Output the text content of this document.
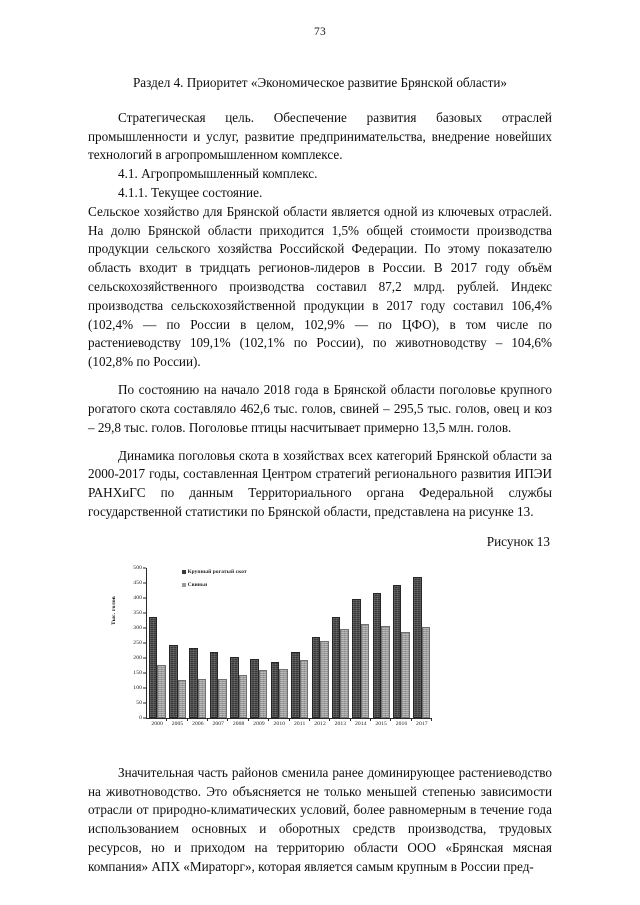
73
Раздел 4. Приоритет «Экономическое развитие Брянской области»

Стратегическая цель. Обеспечение развития базовых отраслей промышленности и услуг, развитие предпринимательства, внедрение новейших технологий в агропромышленном комплексе.

4.1. Агропромышленный комплекс.

4.1.1. Текущее состояние.

Сельское хозяйство для Брянской области является одной из ключевых отраслей. На долю Брянской области приходится 1,5% общей стоимости производства продукции сельского хозяйства Российской Федерации. По этому показателю область входит в тридцать регионов-лидеров в России. В 2017 году объём сельскохозяйственного производства составил 87,2 млрд. рублей. Индекс производства сельскохозяйственной продукции в 2017 году составил 106,4% (102,4% — по России в целом, 102,9% — по ЦФО), в том числе по растениеводству 109,1% (102,1% по России), по животноводству – 104,6% (102,8% по России).

По состоянию на начало 2018 года в Брянской области поголовье крупного рогатого скота составляло 462,6 тыс. голов, свиней – 295,5 тыс. голов, овец и коз – 29,8 тыс. голов. Поголовье птицы насчитывает примерно 13,5 млн. голов.

Динамика поголовья скота в хозяйствах всех категорий Брянской области за 2000-2017 годы, составленная Центром стратегий регионального развития ИПЭИ РАНХиГС по данным Территориального органа Федеральной службы государственной статистики по Брянской области, представлена на рисунке 13.

Рисунок 13

Тыс. голов
0
50
100
150
200
250
300
350
400
450
500
2000	2005	2006	2007	2008	2009	2010	2011	2012	2013	2014	2015	2016	2017
Крупный рогатый скот
Свиньи

Значительная часть районов сменила ранее доминирующее растениеводство на животноводство. Это объясняется не только меньшей степенью зависимости отрасли от природно-климатических условий, более равномерным в течение года использованием основных и оборотных средств производства, трудовых ресурсов, но и приходом на территорию области ООО «Брянская мясная компания» АПХ «Мираторг», которая является самым крупным в России пред-
